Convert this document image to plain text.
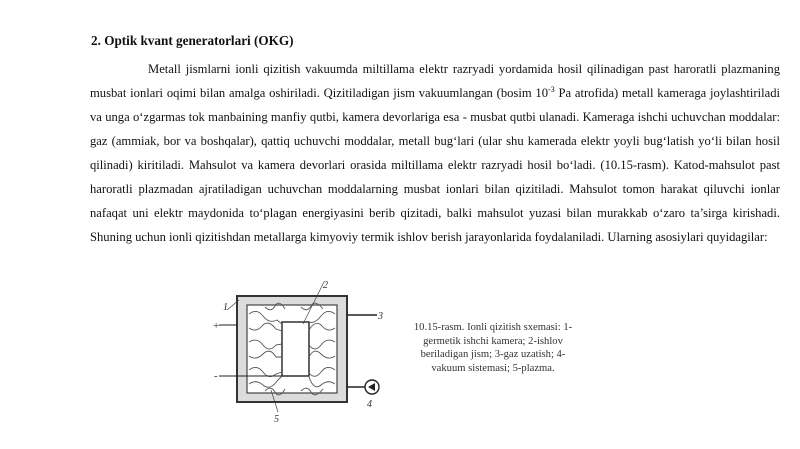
2. Optik kvant generatorlari (OKG)
Metall jismlarni ionli qizitish vakuumda miltillama elektr razryadi yordamida hosil qilinadigan past haroratli plazmaning musbat ionlari oqimi bilan amalga oshiriladi. Qizitiladigan jism vakuumlangan (bosim $10^{-3}$ Pa atrofida) metall kameraga joylashtiriladi va unga o‘zgarmas tok manbaining manfiy qutbi, kamera devorlariga esa - musbat qutbi ulanadi. Kameraga ishchi uchuvchan moddalar: gaz (ammiak, bor va boshqalar), qattiq uchuvchi moddalar, metall bug‘lari (ular shu kamerada elektr yoyli bug‘latish yo‘li bilan hosil qilinadi) kiritiladi. Mahsulot va kamera devorlari orasida miltillama elektr razryadi hosil bo‘ladi. (10.15-rasm). Katod-mahsulot past haroratli plazmadan ajratiladigan uchuvchan moddalarning musbat ionlari bilan qizitiladi. Mahsulot tomon harakat qiluvchi ionlar nafaqat uni elektr maydonida to‘plagan energiyasini berib qizitadi, balki mahsulot yuzasi bilan murakkab o‘zaro ta’sirga kirishadi. Shuning uchun ionli qizitishdan metallarga kimyoviy termik ishlov berish jarayonlarida foydalaniladi. Ularning asosiylari quyidagilar:
1
2
3
4
5
+
-
10.15-rasm. Ionli qizitish sxemasi: 1- germetik ishchi kamera; 2-ishlov beriladigan jism; 3-gaz uzatish; 4-vakuum sistemasi; 5-plazma.
